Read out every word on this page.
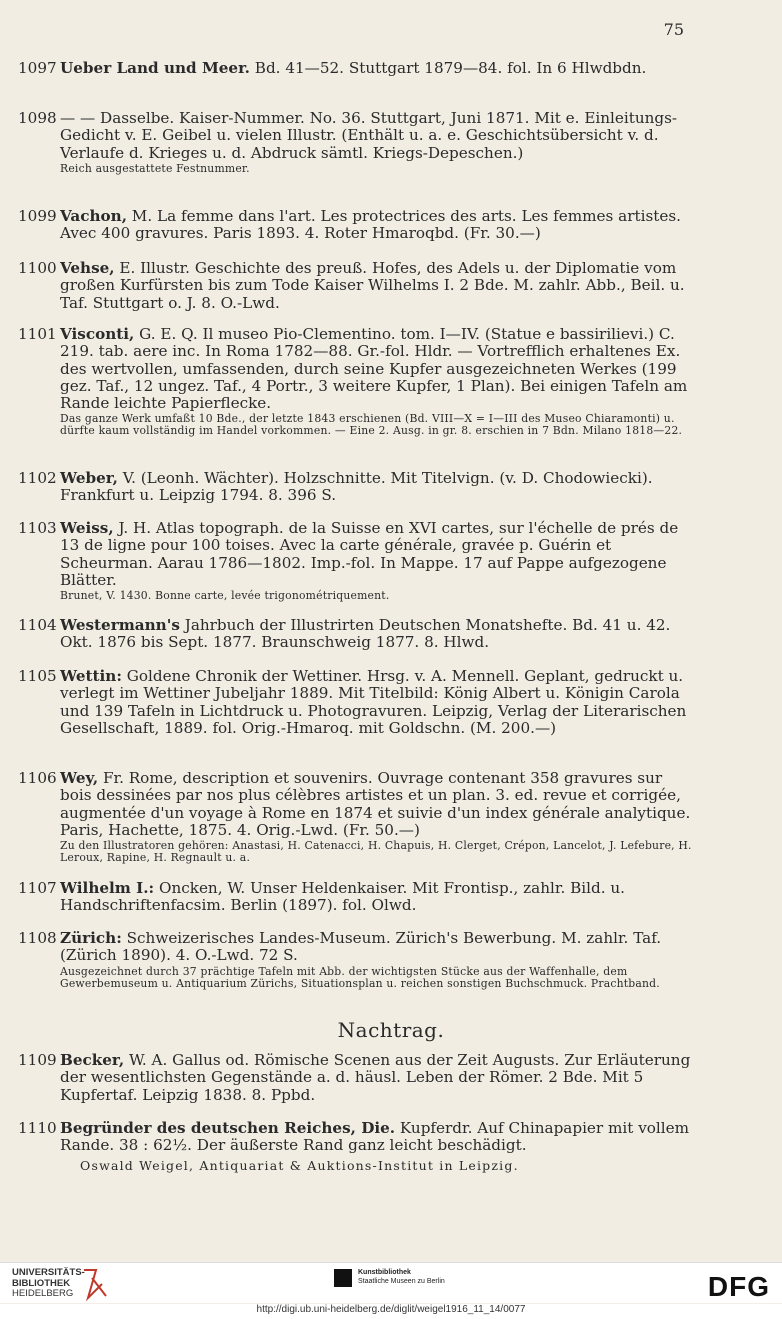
75
1097 Ueber Land und Meer. Bd. 41—52. Stuttgart 1879—84. fol. In 6 Hlwdbdn.
1098 — — Dasselbe. Kaiser-Nummer. No. 36. Stuttgart, Juni 1871. Mit e. Einleitungs-Gedicht v. E. Geibel u. vielen Illustr. (Enthält u. a. e. Geschichtsübersicht v. d. Verlaufe d. Krieges u. d. Abdruck sämtl. Kriegs-Depeschen.)
Reich ausgestattete Festnummer.
1099 Vachon, M. La femme dans l'art. Les protectrices des arts. Les femmes artistes. Avec 400 gravures. Paris 1893. 4. Roter Hmaroqbd. (Fr. 30.—)
1100 Vehse, E. Illustr. Geschichte des preuß. Hofes, des Adels u. der Diplomatie vom großen Kurfürsten bis zum Tode Kaiser Wilhelms I. 2 Bde. M. zahlr. Abb., Beil. u. Taf. Stuttgart o. J. 8. O.-Lwd.
1101 Visconti, G. E. Q. Il museo Pio-Clementino. tom. I—IV. (Statue e bassirilievi.) C. 219. tab. aere inc. In Roma 1782—88. Gr.-fol. Hldr. — Vortrefflich erhaltenes Ex. des wertvollen, umfassenden, durch seine Kupfer ausgezeichneten Werkes (199 gez. Taf., 12 ungez. Taf., 4 Portr., 3 weitere Kupfer, 1 Plan). Bei einigen Tafeln am Rande leichte Papierflecke.
Das ganze Werk umfaßt 10 Bde., der letzte 1843 erschienen (Bd. VIII—X = I—III des Museo Chiaramonti) u. dürfte kaum vollständig im Handel vorkommen. — Eine 2. Ausg. in gr. 8. erschien in 7 Bdn. Milano 1818—22.
1102 Weber, V. (Leonh. Wächter). Holzschnitte. Mit Titelvign. (v. D. Chodowiecki). Frankfurt u. Leipzig 1794. 8. 396 S.
1103 Weiss, J. H. Atlas topograph. de la Suisse en XVI cartes, sur l'échelle de prés de 13 de ligne pour 100 toises. Avec la carte générale, gravée p. Guérin et Scheurman. Aarau 1786—1802. Imp.-fol. In Mappe. 17 auf Pappe aufgezogene Blätter.
Brunet, V. 1430. Bonne carte, levée trigonométriquement.
1104 Westermann's Jahrbuch der Illustrirten Deutschen Monatshefte. Bd. 41 u. 42. Okt. 1876 bis Sept. 1877. Braunschweig 1877. 8. Hlwd.
1105 Wettin: Goldene Chronik der Wettiner. Hrsg. v. A. Mennell. Geplant, gedruckt u. verlegt im Wettiner Jubeljahr 1889. Mit Titelbild: König Albert u. Königin Carola und 139 Tafeln in Lichtdruck u. Photogravuren. Leipzig, Verlag der Literarischen Gesellschaft, 1889. fol. Orig.-Hmaroq. mit Goldschn. (M. 200.—)
1106 Wey, Fr. Rome, description et souvenirs. Ouvrage contenant 358 gravures sur bois dessinées par nos plus célèbres artistes et un plan. 3. ed. revue et corrigée, augmentée d'un voyage à Rome en 1874 et suivie d'un index générale analytique. Paris, Hachette, 1875. 4. Orig.-Lwd. (Fr. 50.—)
Zu den Illustratoren gehören: Anastasi, H. Catenacci, H. Chapuis, H. Clerget, Crépon, Lancelot, J. Lefebure, H. Leroux, Rapine, H. Regnault u. a.
1107 Wilhelm I.: Oncken, W. Unser Heldenkaiser. Mit Frontisp., zahlr. Bild. u. Handschriftenfacsim. Berlin (1897). fol. Olwd.
1108 Zürich: Schweizerisches Landes-Museum. Zürich's Bewerbung. M. zahlr. Taf. (Zürich 1890). 4. O.-Lwd. 72 S.
Ausgezeichnet durch 37 prächtige Tafeln mit Abb. der wichtigsten Stücke aus der Waffenhalle, dem Gewerbemuseum u. Antiquarium Zürichs, Situationsplan u. reichen sonstigen Buchschmuck. Prachtband.
Nachtrag.
1109 Becker, W. A. Gallus od. Römische Scenen aus der Zeit Augusts. Zur Erläuterung der wesentlichsten Gegenstände a. d. häusl. Leben der Römer. 2 Bde. Mit 5 Kupfertaf. Leipzig 1838. 8. Ppbd.
1110 Begründer des deutschen Reiches, Die. Kupferdr. Auf Chinapapier mit vollem Rande. 38 : 62½. Der äußerste Rand ganz leicht beschädigt.
Oswald Weigel, Antiquariat & Auktions-Institut in Leipzig.
UNIVERSITÄTS-
BIBLIOTHEK
HEIDELBERG
Kunstbibliothek
Staatliche Museen zu Berlin	DFG
http://digi.ub.uni-heidelberg.de/diglit/weigel1916_11_14/0077
